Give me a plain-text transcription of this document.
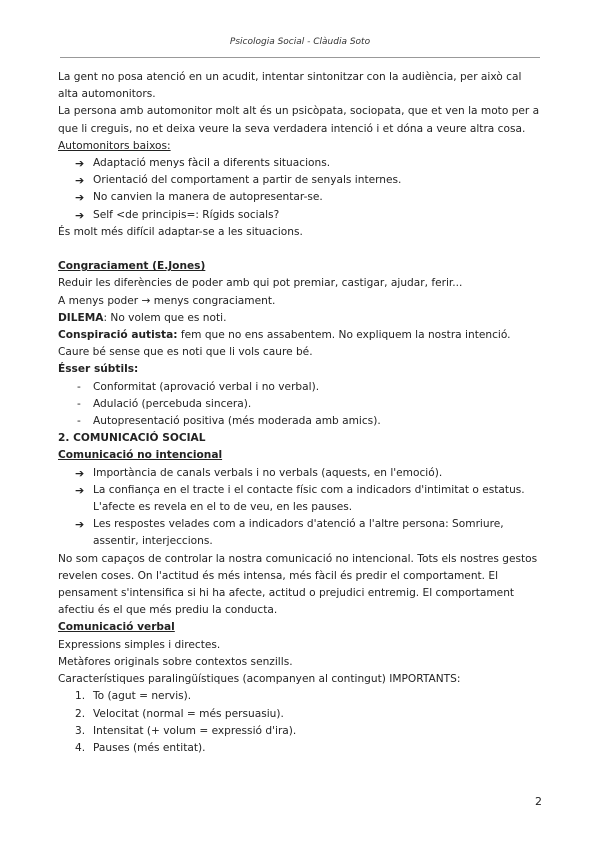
Psicologia Social - Clàudia Soto

La gent no posa atenció en un acudit, intentar sintonitzar con la audiència, per això cal alta automonitors.

La persona amb automonitor molt alt és un psicòpata, sociopata, que et ven la moto per a que li creguis, no et deixa veure la seva verdadera intenció i et dóna a veure altra cosa.

Automonitors baixos:

➔ Adaptació menys fàcil a diferents situacions.
➔ Orientació del comportament a partir de senyals internes.
➔ No canvien la manera de autopresentar-se.
➔ Self <de principis=: Rígids socials?

És molt més difícil adaptar-se a les situacions.

Congraciament (E.Jones)

Reduir les diferències de poder amb qui pot premiar, castigar, ajudar, ferir...

A menys poder → menys congraciament.

DILEMA: No volem que es noti.

Conspiració autista: fem que no ens assabentem. No expliquem la nostra intenció. Caure bé sense que es noti que li vols caure bé.

Ésser súbtils:

- Conformitat (aprovació verbal i no verbal).
- Adulació (percebuda sincera).
- Autopresentació positiva (més moderada amb amics).

2. COMUNICACIÓ SOCIAL

Comunicació no intencional

➔ Importància de canals verbals i no verbals (aquests, en l'emoció).
➔ La confiança en el tracte i el contacte físic com a indicadors d'intimitat o estatus. L'afecte es revela en el to de veu, en les pauses.
➔ Les respostes velades com a indicadors d'atenció a l'altre persona: Somriure, assentir, interjeccions.

No som capaços de controlar la nostra comunicació no intencional. Tots els nostres gestos revelen coses. On l'actitud és més intensa, més fàcil és predir el comportament. El pensament s'intensifica si hi ha afecte, actitud o prejudici entremig. El comportament afectiu és el que més prediu la conducta.

Comunicació verbal

Expressions simples i directes.

Metàfores originals sobre contextos senzills.

Característiques paralingüístiques (acompanyen al contingut) IMPORTANTS:

1. To (agut = nervis).
2. Velocitat (normal = més persuasiu).
3. Intensitat (+ volum = expressió d'ira).
4. Pauses (més entitat).
2
